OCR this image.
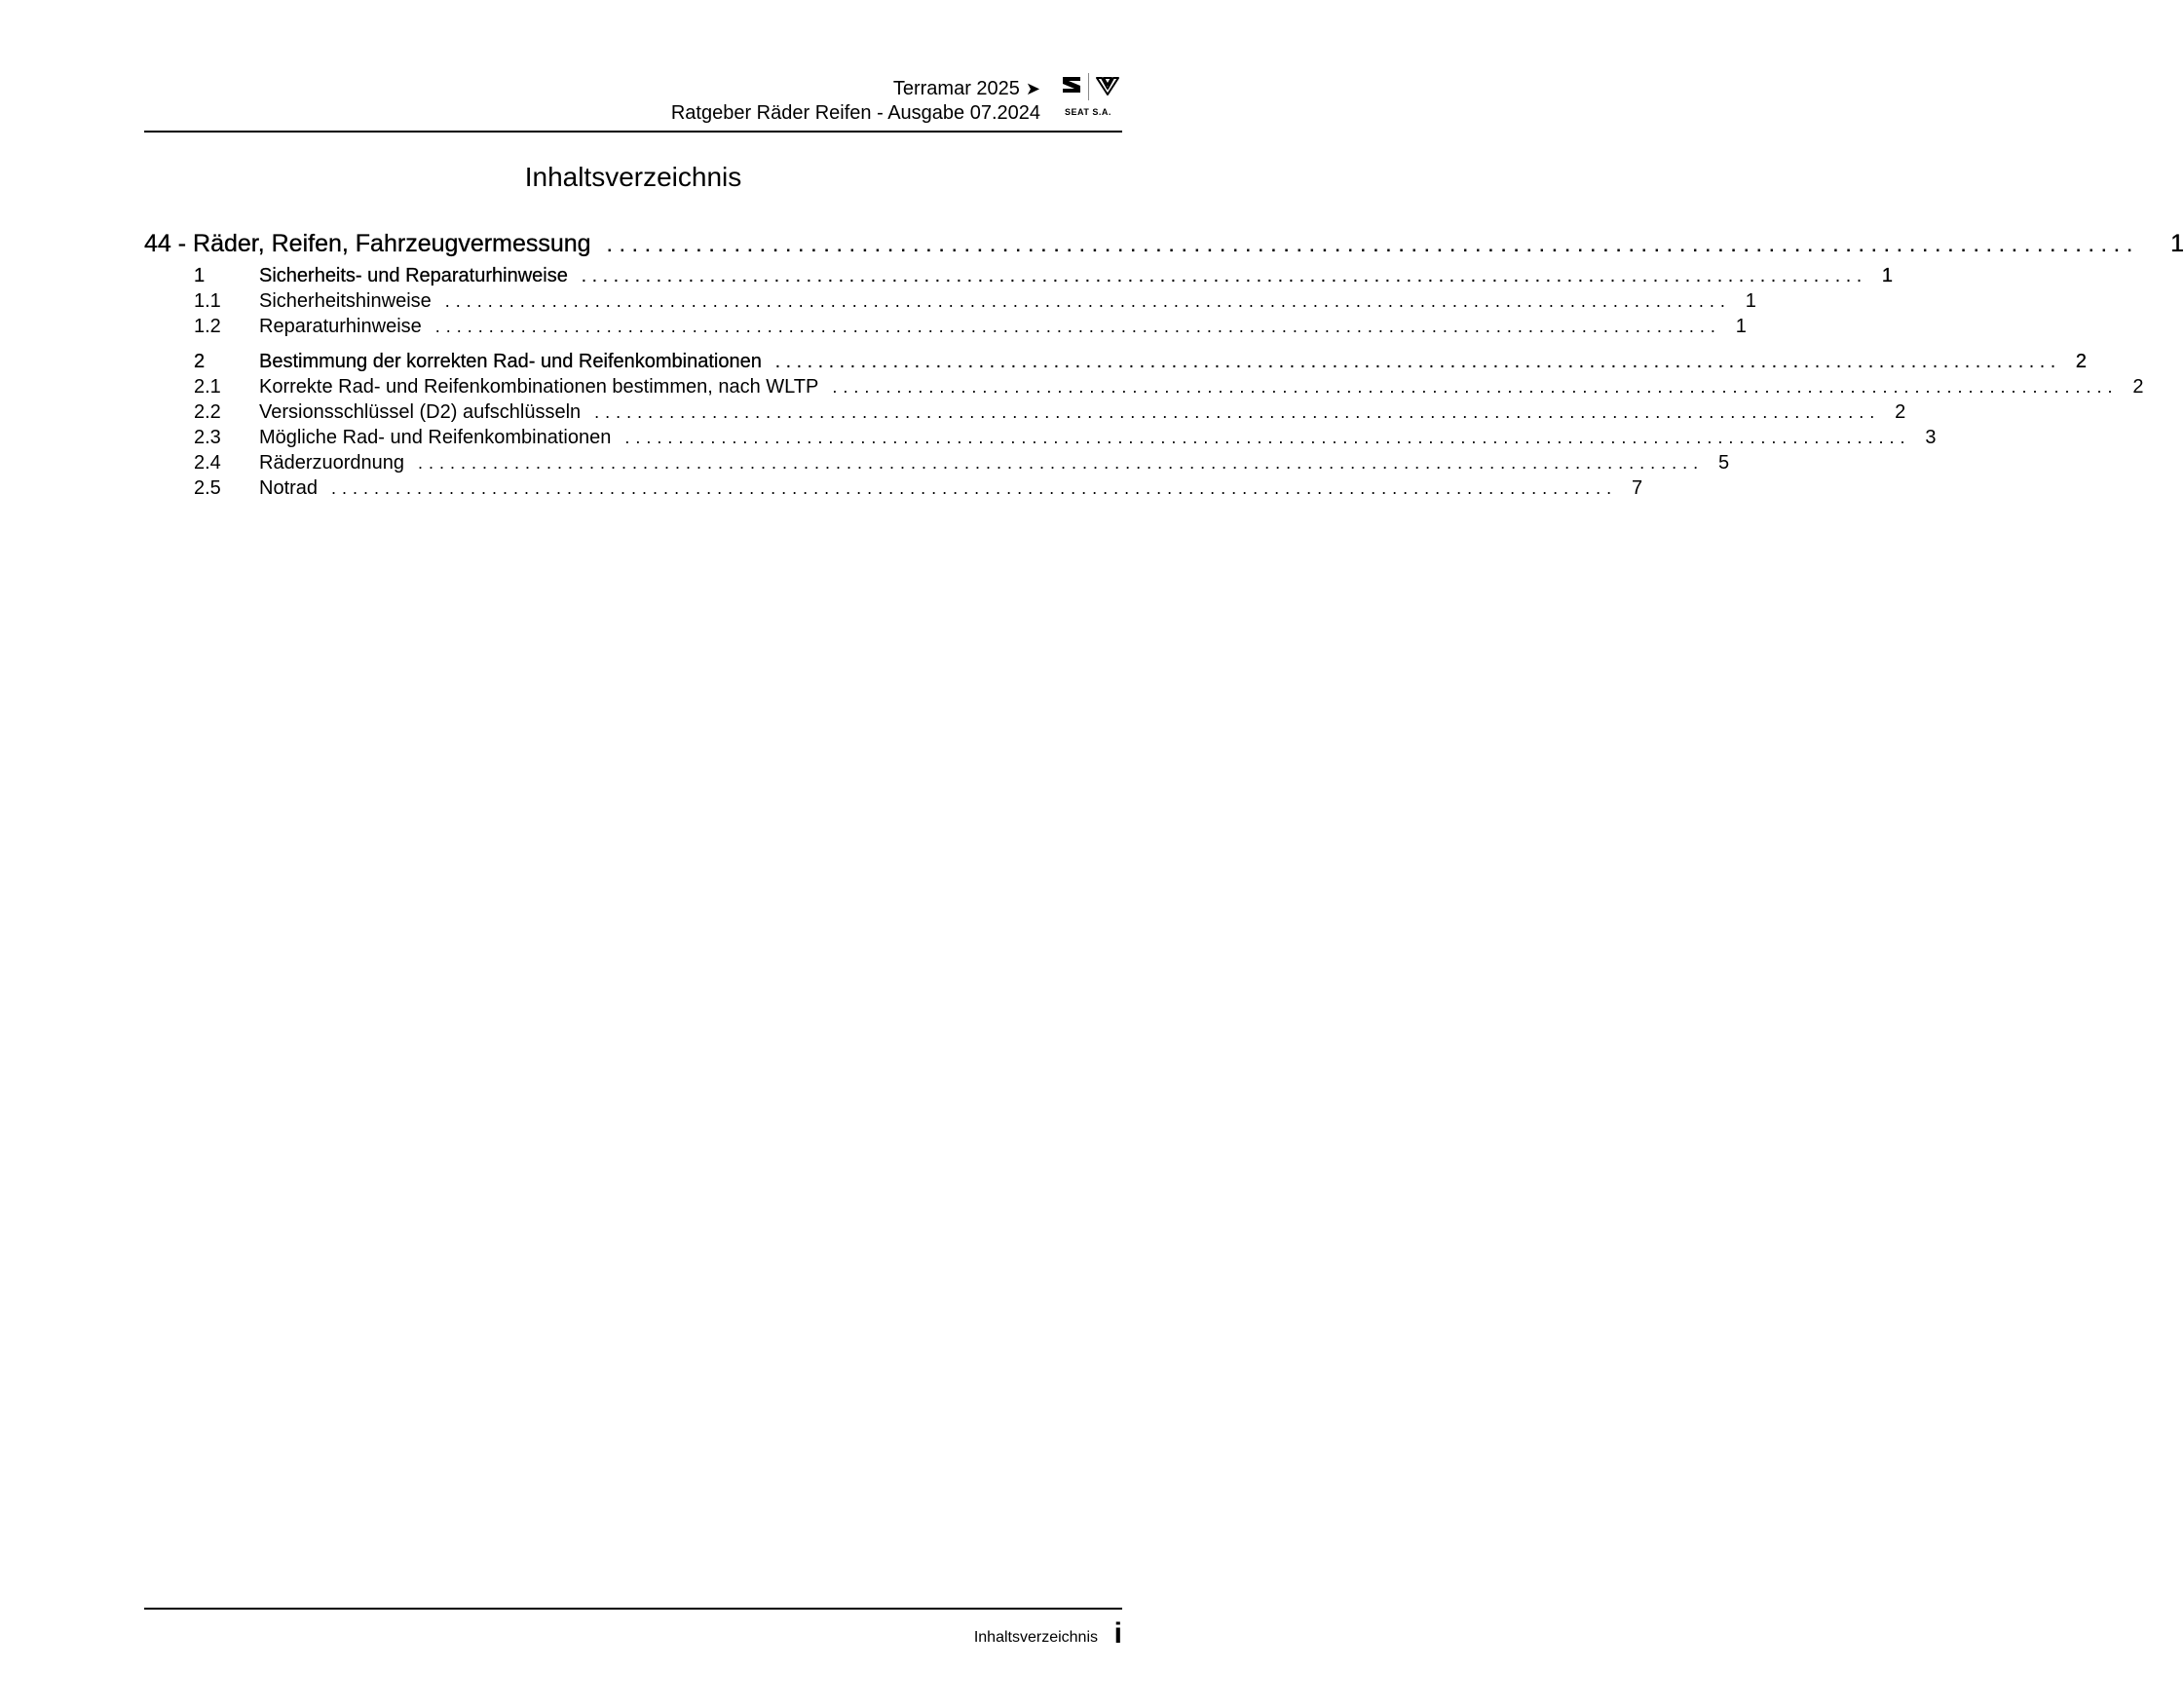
Terramar 2025 ➤
Ratgeber Räder Reifen - Ausgabe 07.2024	SEAT S.A.
Inhaltsverzeichnis
44 - Räder, Reifen, Fahrzeugvermessung ........................................................................................................................ 1
1	Sicherheits- und Reparaturhinweise ........................................................................................................................ 1
1.1	Sicherheitshinweise ........................................................................................................................ 1
1.2	Reparaturhinweise ........................................................................................................................ 1
2	Bestimmung der korrekten Rad- und Reifenkombinationen ........................................................................................................................ 2
2.1	Korrekte Rad- und Reifenkombinationen bestimmen, nach WLTP ........................................................................................................................ 2
2.2	Versionsschlüssel (D2) aufschlüsseln ........................................................................................................................ 2
2.3	Mögliche Rad- und Reifenkombinationen ........................................................................................................................ 3
2.4	Räderzuordnung ........................................................................................................................ 5
2.5	Notrad ........................................................................................................................ 7
Inhaltsverzeichnis i
